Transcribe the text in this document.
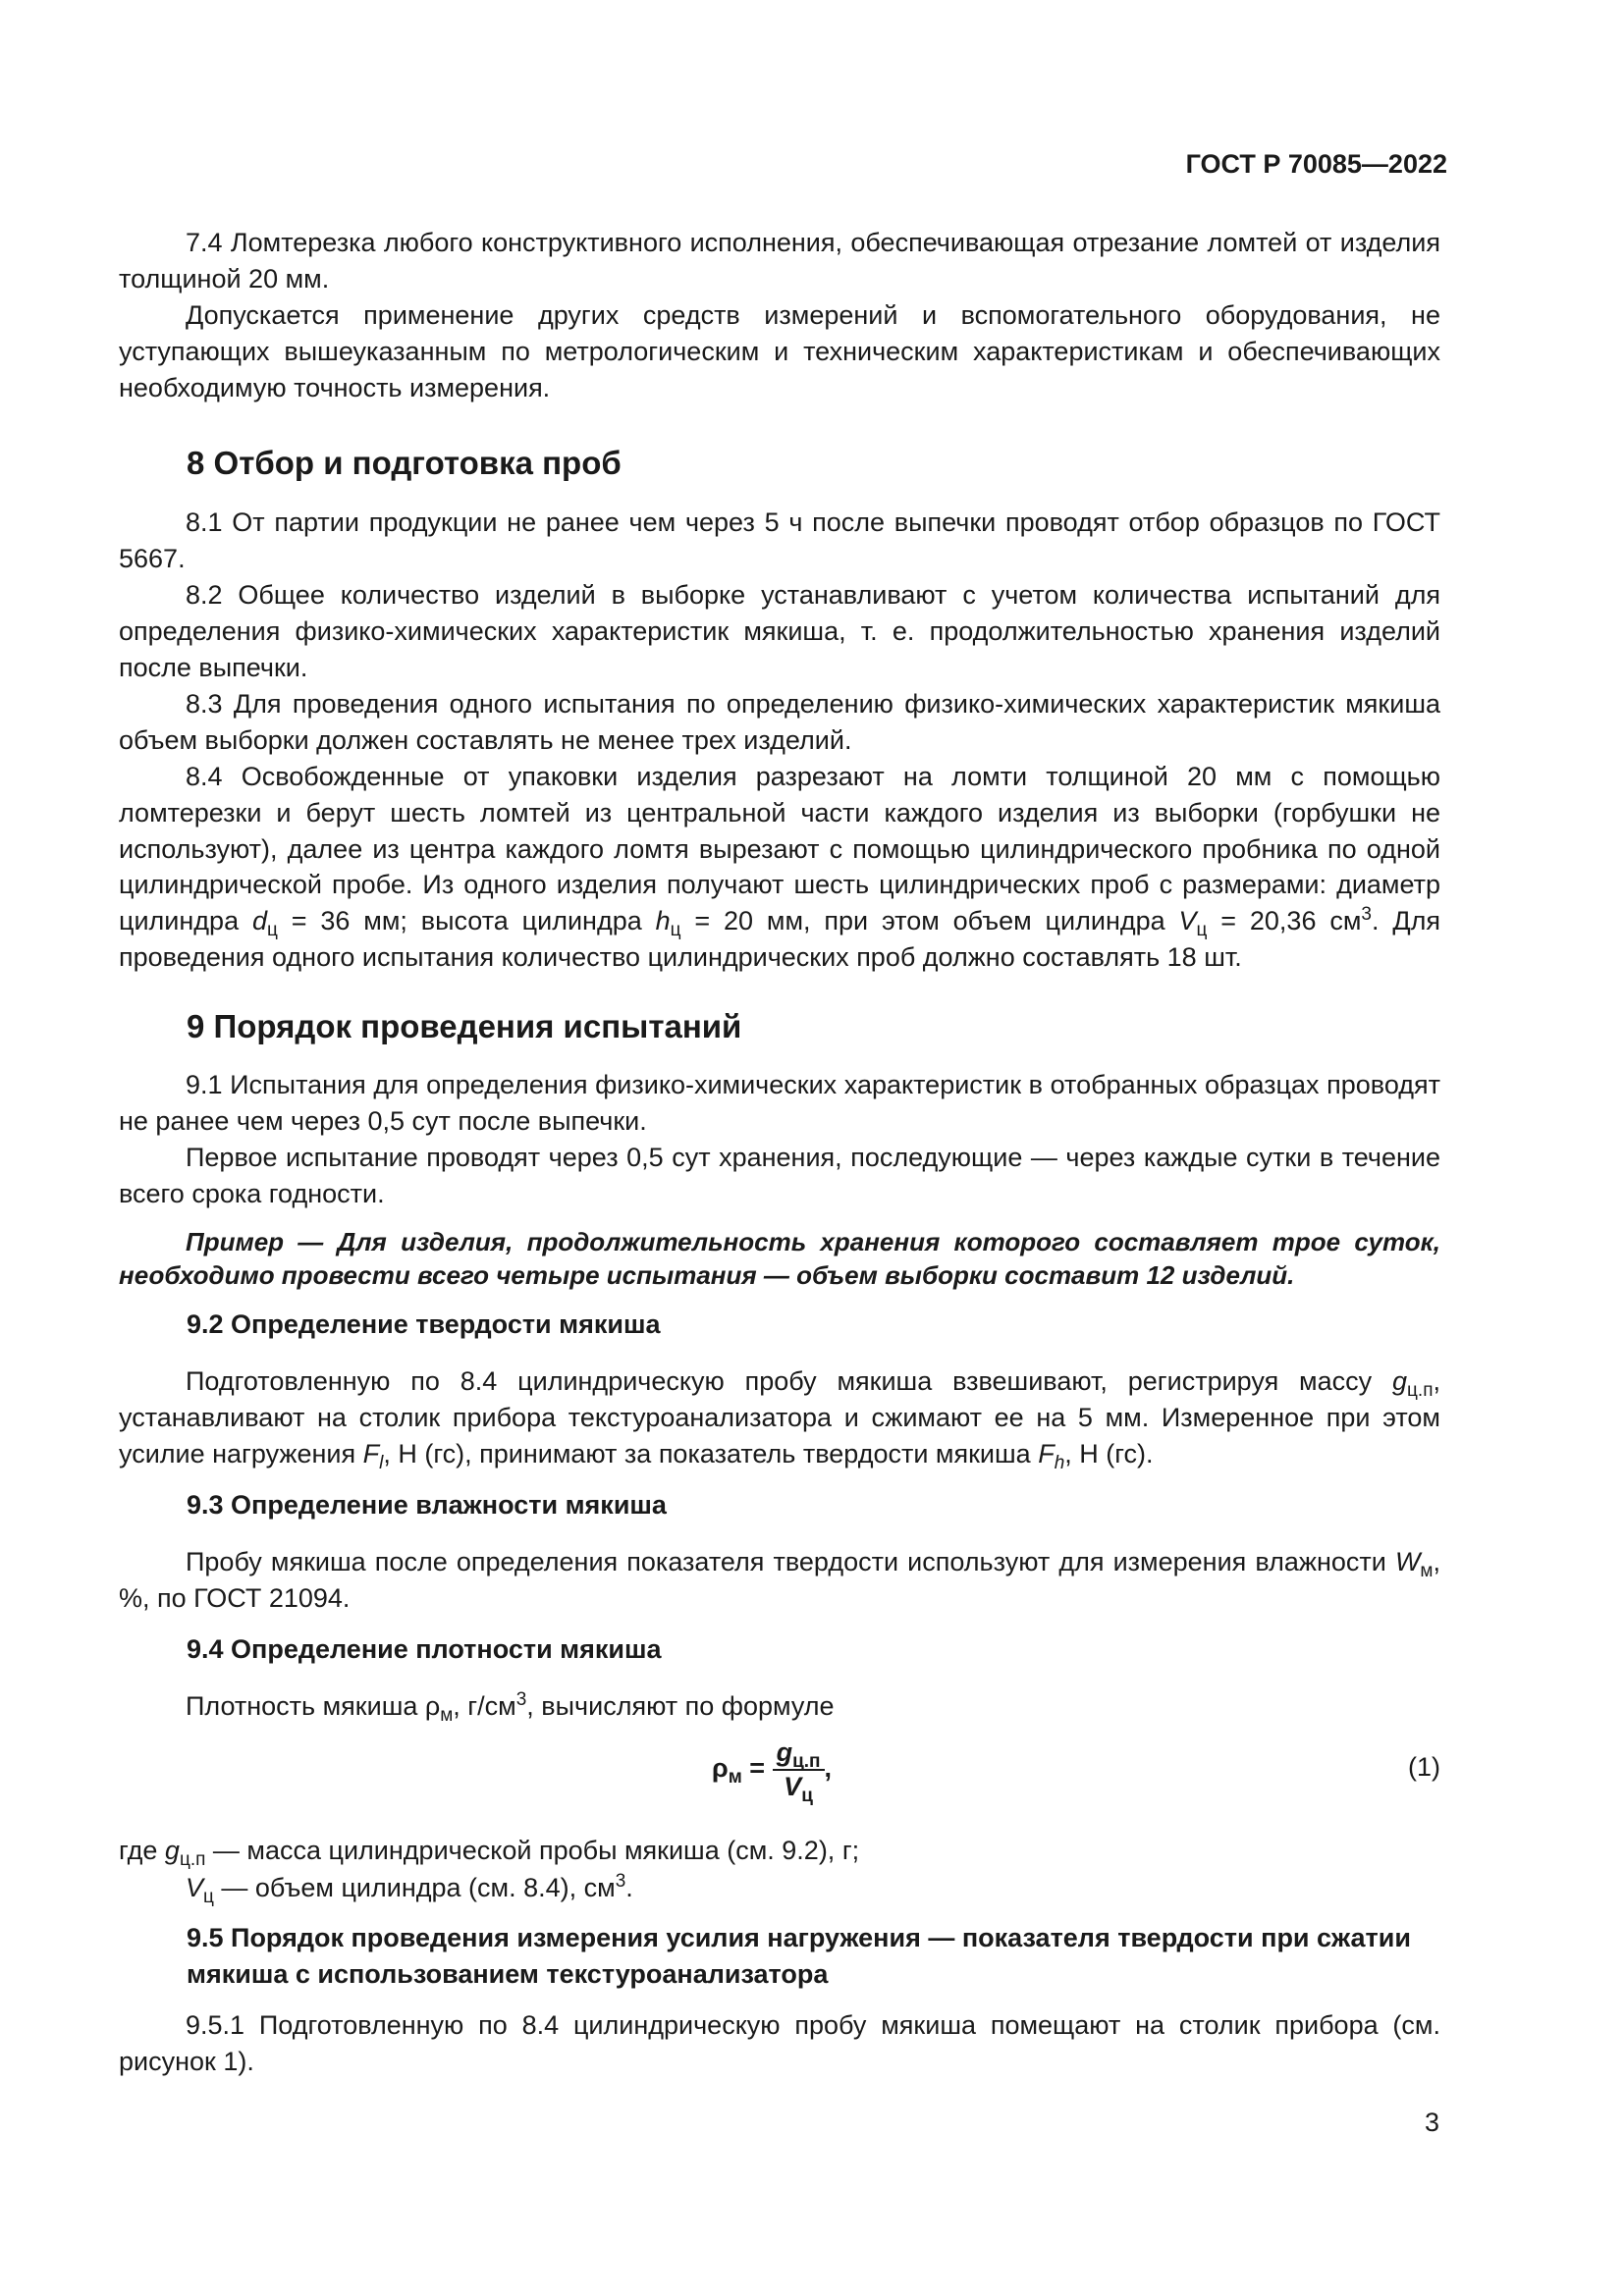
ГОСТ Р 70085—2022
7.4 Ломтерезка любого конструктивного исполнения, обеспечивающая отрезание ломтей от изделия толщиной 20 мм.
Допускается применение других средств измерений и вспомогательного оборудования, не уступающих вышеуказанным по метрологическим и техническим характеристикам и обеспечивающих необходимую точность измерения.
8 Отбор и подготовка проб
8.1 От партии продукции не ранее чем через 5 ч после выпечки проводят отбор образцов по ГОСТ 5667.
8.2 Общее количество изделий в выборке устанавливают с учетом количества испытаний для определения физико-химических характеристик мякиша, т. е. продолжительностью хранения изделий после выпечки.
8.3 Для проведения одного испытания по определению физико-химических характеристик мякиша объем выборки должен составлять не менее трех изделий.
8.4 Освобожденные от упаковки изделия разрезают на ломти толщиной 20 мм с помощью ломтерезки и берут шесть ломтей из центральной части каждого изделия из выборки (горбушки не используют), далее из центра каждого ломтя вырезают с помощью цилиндрического пробника по одной цилиндрической пробе. Из одного изделия получают шесть цилиндрических проб с размерами: диаметр цилиндра $d_ц = 36$ мм; высота цилиндра $h_ц = 20$ мм, при этом объем цилиндра $V_ц = 20,36$ $см^3$. Для проведения одного испытания количество цилиндрических проб должно составлять 18 шт.
9 Порядок проведения испытаний
9.1 Испытания для определения физико-химических характеристик в отобранных образцах проводят не ранее чем через 0,5 сут после выпечки.
Первое испытание проводят через 0,5 сут хранения, последующие — через каждые сутки в течение всего срока годности.
Пример — Для изделия, продолжительность хранения которого составляет трое суток, необходимо провести всего четыре испытания — объем выборки составит 12 изделий.
9.2 Определение твердости мякиша
Подготовленную по 8.4 цилиндрическую пробу мякиша взвешивают, регистрируя массу $g_{ц.п}$, устанавливают на столик прибора текстуроанализатора и сжимают ее на 5 мм. Измеренное при этом усилие нагружения $F_l$, Н (гс), принимают за показатель твердости мякиша $F_h$, Н (гс).
9.3 Определение влажности мякиша
Пробу мякиша после определения показателя твердости используют для измерения влажности $W_м$, %, по ГОСТ 21094.
9.4 Определение плотности мякиша
Плотность мякиша $\rho_м$, $г/см^3$, вычисляют по формуле
$\rho_м = \frac{g_{ц.п}}{V_ц}$ ,	(1)
где $g_{ц.п}$ — масса цилиндрической пробы мякиша (см. 9.2), г;
$V_ц$ — объем цилиндра (см. 8.4), $см^3$.
9.5 Порядок проведения измерения усилия нагружения — показателя твердости при сжатии мякиша с использованием текстуроанализатора
9.5.1 Подготовленную по 8.4 цилиндрическую пробу мякиша помещают на столик прибора (см. рисунок 1).
3
